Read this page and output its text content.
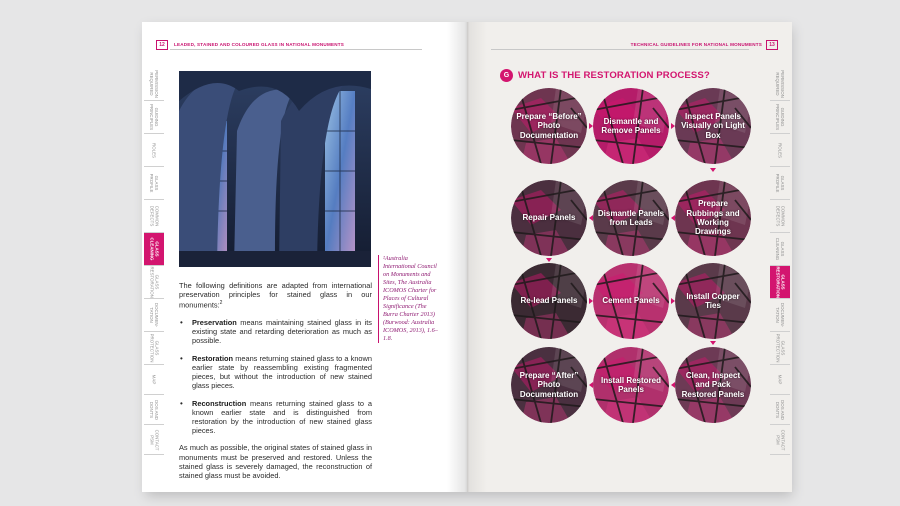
12	LEADED, STAINED AND COLOURED GLASS IN NATIONAL MONUMENTS
PERMISSION REQUIRED
GUIDING PRINCIPLES
ROLES
GLASS PROFILE
COMMON DEFECTS
GLASS CLEANING
GLASS RESTORATION
DOCUMEN- TATION
GLASS PROTECTION
MAP
DOS AND DON'TS
CONTACT PSM

The following definitions are adapted from international preservation principles for stained glass in our monuments:$^2$

• Preservation means maintaining stained glass in its existing state and retarding deterioration as much as possible.
• Restoration means returning stained glass to a known earlier state by reassembling existing fragmented pieces, but without the introduction of new stained glass pieces.
• Reconstruction means returning stained glass to a known earlier state and is distinguished from restoration by the introduction of new stained glass pieces.

As much as possible, the original states of stained glass in monuments must be preserved and restored. Unless the stained glass is severely damaged, the reconstruction of stained glass must be avoided.

²Australia International Council on Monuments and Sites, The Australia ICOMOS Charter for Places of Cultural Significance (The Burra Charter 2013)(Burwood: Australia ICOMOS, 2013), 1.6–1.8.
TECHNICAL GUIDELINES FOR NATIONAL MONUMENTS	13
G WHAT IS THE RESTORATION PROCESS?
Prepare “Before” Photo Documentation
Dismantle and Remove Panels
Inspect Panels Visually on Light Box
Prepare Rubbings and Working Drawings
Dismantle Panels from Leads
Repair Panels
Re-lead Panels	Cement Panels
Install Copper Ties
Clean, Inspect and Pack Restored Panels
Install Restored Panels
Prepare “After” Photo Documentation
PERMISSION REQUIRED
GUIDING PRINCIPLES
ROLES
GLASS PROFILE
COMMON DEFECTS
GLASS CLEANING
GLASS RESTORATION
DOCUMEN- TATION
GLASS PROTECTION
MAP
DOS AND DON'TS
CONTACT PSM
